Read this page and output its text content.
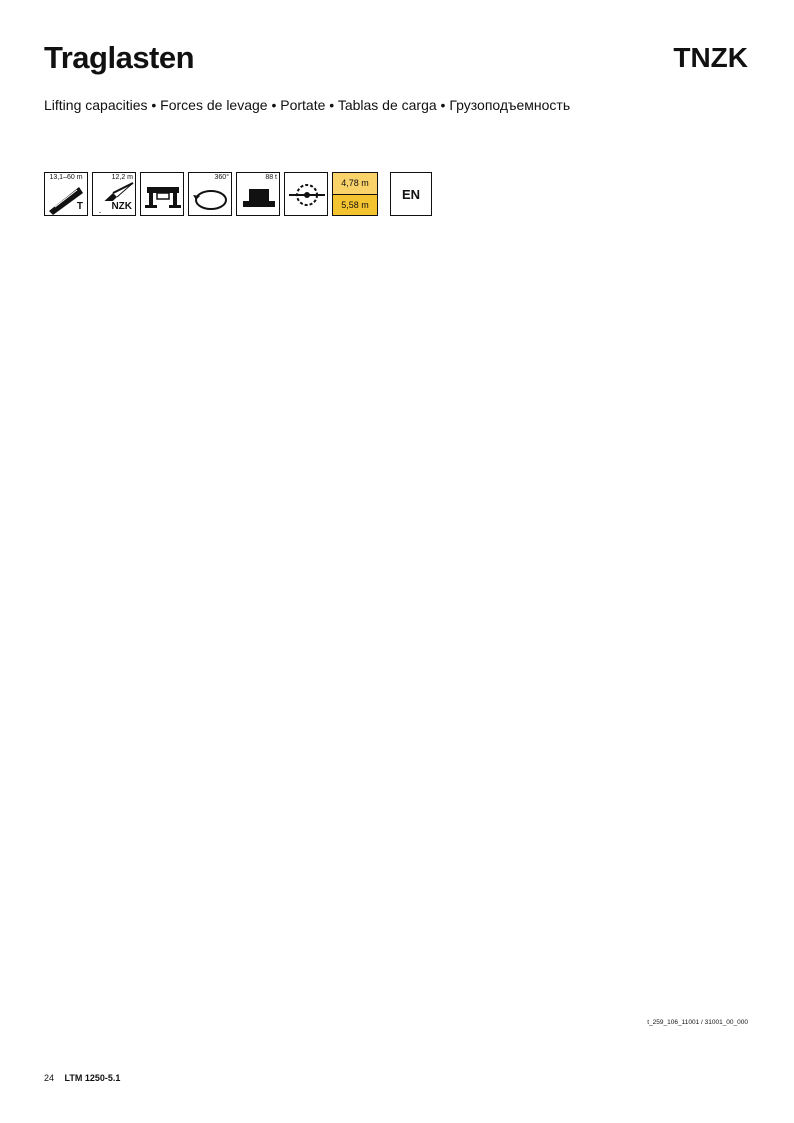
Traglasten	TNZK
Lifting capacities • Forces de levage • Portate • Tablas de carga • Грузоподъемность
13,1–60 m
T
12,2 m
NZK
360°	88 t
4,78 m
5,58 m
EN
t_259_106_11001 / 31001_00_000
24 LTM 1250-5.1
